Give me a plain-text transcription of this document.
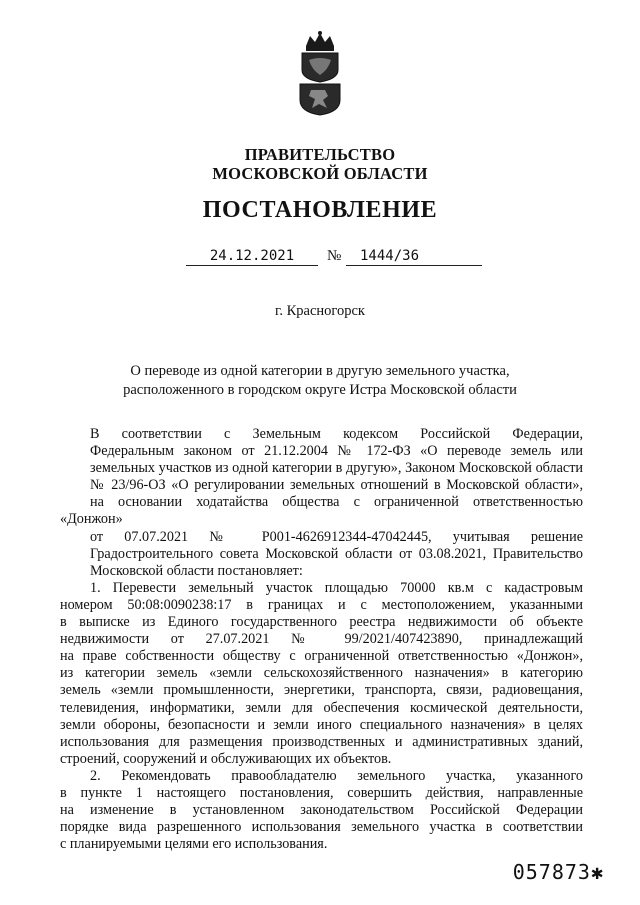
ПРАВИТЕЛЬСТВО
МОСКОВСКОЙ ОБЛАСТИ
ПОСТАНОВЛЕНИЕ
24.12.2021	№	1444/36
г. Красногорск
О переводе из одной категории в другую земельного участка,
расположенного в городском округе Истра Московской области
В соответствии с Земельным кодексом Российской Федерации,
Федеральным законом от 21.12.2004 № 172-ФЗ «О переводе земель или
земельных участков из одной категории в другую», Законом Московской области
№ 23/96-ОЗ «О регулировании земельных отношений в Московской области»,
на основании ходатайства общества с ограниченной ответственностью «Донжон»
от 07.07.2021 № Р001-4626912344-47042445, учитывая решение
Градостроительного совета Московской области от 03.08.2021, Правительство
Московской области постановляет:
1. Перевести земельный участок площадью 70000 кв.м с кадастровым
номером 50:08:0090238:17 в границах и с местоположением, указанными
в выписке из Единого государственного реестра недвижимости об объекте
недвижимости от 27.07.2021 № 99/2021/407423890, принадлежащий
на праве собственности обществу с ограниченной ответственностью «Донжон»,
из категории земель «земли сельскохозяйственного назначения» в категорию
земель «земли промышленности, энергетики, транспорта, связи, радиовещания,
телевидения, информатики, земли для обеспечения космической деятельности,
земли обороны, безопасности и земли иного специального назначения» в целях
использования для размещения производственных и административных зданий,
строений, сооружений и обслуживающих их объектов.
2. Рекомендовать правообладателю земельного участка, указанного
в пункте 1 настоящего постановления, совершить действия, направленные
на изменение в установленном законодательством Российской Федерации
порядке вида разрешенного использования земельного участка в соответствии
с планируемыми целями его использования.
057873✱
